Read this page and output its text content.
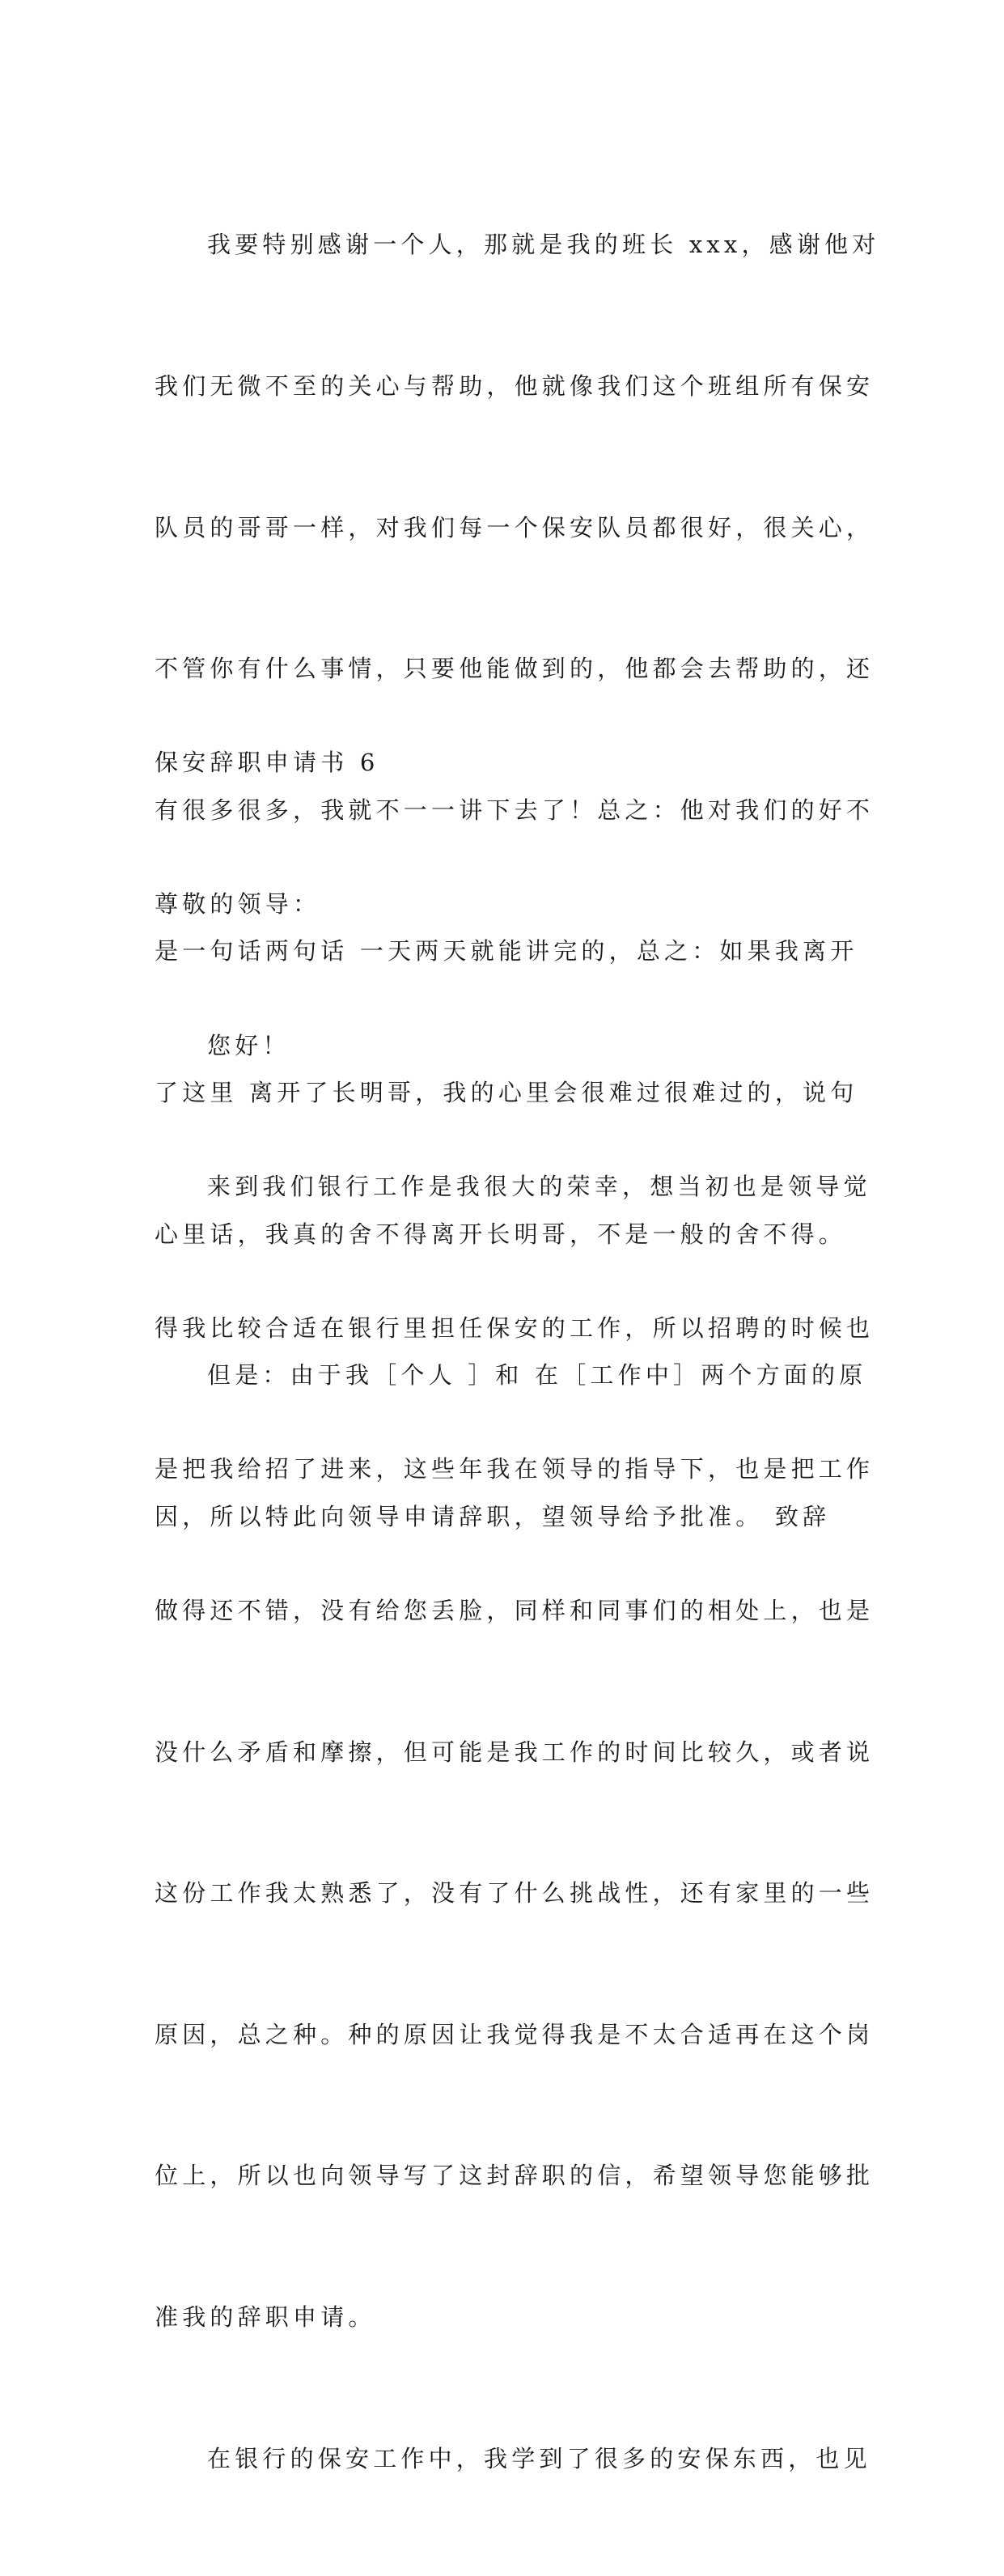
我要特别感谢一个人，那就是我的班长 xxx，感谢他对

我们无微不至的关心与帮助，他就像我们这个班组所有保安

队员的哥哥一样，对我们每一个保安队员都很好，很关心，

不管你有什么事情，只要他能做到的，他都会去帮助的，还

有很多很多，我就不一一讲下去了！总之：他对我们的好不

是一句话两句话 一天两天就能讲完的，总之：如果我离开

了这里 离开了长明哥，我的心里会很难过很难过的，说句

心里话，我真的舍不得离开长明哥，不是一般的舍不得。

但是：由于我［个人 ］和 在［工作中］两个方面的原

因，所以特此向领导申请辞职，望领导给予批准。 致辞

保安辞职申请书 6

尊敬的领导：

您好！

来到我们银行工作是我很大的荣幸，想当初也是领导觉

得我比较合适在银行里担任保安的工作，所以招聘的时候也

是把我给招了进来，这些年我在领导的指导下，也是把工作

做得还不错，没有给您丢脸，同样和同事们的相处上，也是

没什么矛盾和摩擦，但可能是我工作的时间比较久，或者说

这份工作我太熟悉了，没有了什么挑战性，还有家里的一些

原因，总之种。种的原因让我觉得我是不太合适再在这个岗

位上，所以也向领导写了这封辞职的信，希望领导您能够批

准我的辞职申请。

在银行的保安工作中，我学到了很多的安保东西，也见
